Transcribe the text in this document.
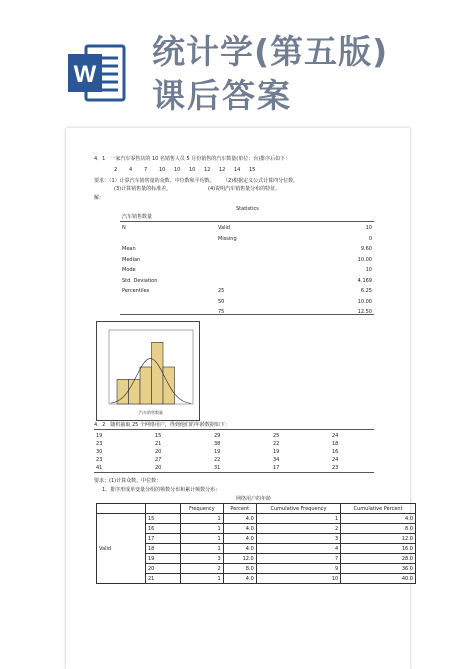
W
统计学(第五版)
课后答案
4．1　一家汽车零售店的 10 名销售人员 5 月份销售的汽车数量(单位：台)排序后如下：
2 4 7 10 10 10 12 12 14 15
要求：（1）计算汽车销售量的众数、中位数和平均数。 （2)根据定义公式计算四分位数。
(3)计算销售量的标准差。	(4)说明汽车销售量分布的特征。
解：
Statistics
汽车销售数量
N	Valid	10
Missing	0
Mean	9.60
Median	10.00
Mode	10
Std. Deviation	4.169
Percentiles	25	6.25
50	10.00
75	12.50
汽车销售数量
4．2　随机抽取 25 个网络用户，得到他们的年龄数据如下：
19	15	29	25	24
23	21	38	22	18
30	20	19	19	16
23	27	22	34	24
41	20	31	17	23
要求；(1)计算众数、中位数：
1、排序形成单变量分组的频数分布和累计频数分布：
网络用户的年龄
		Frequency	Percent	Cumulative Frequency	Cumulative Percent
Valid	15	1	4.0	1	4.0
	16	1	4.0	2	8.0
	17	1	4.0	3	12.0
	18	1	4.0	4	16.0
	19	3	12.0	7	28.0
	20	2	8.0	9	36.0
	21	1	4.0	10	40.0
